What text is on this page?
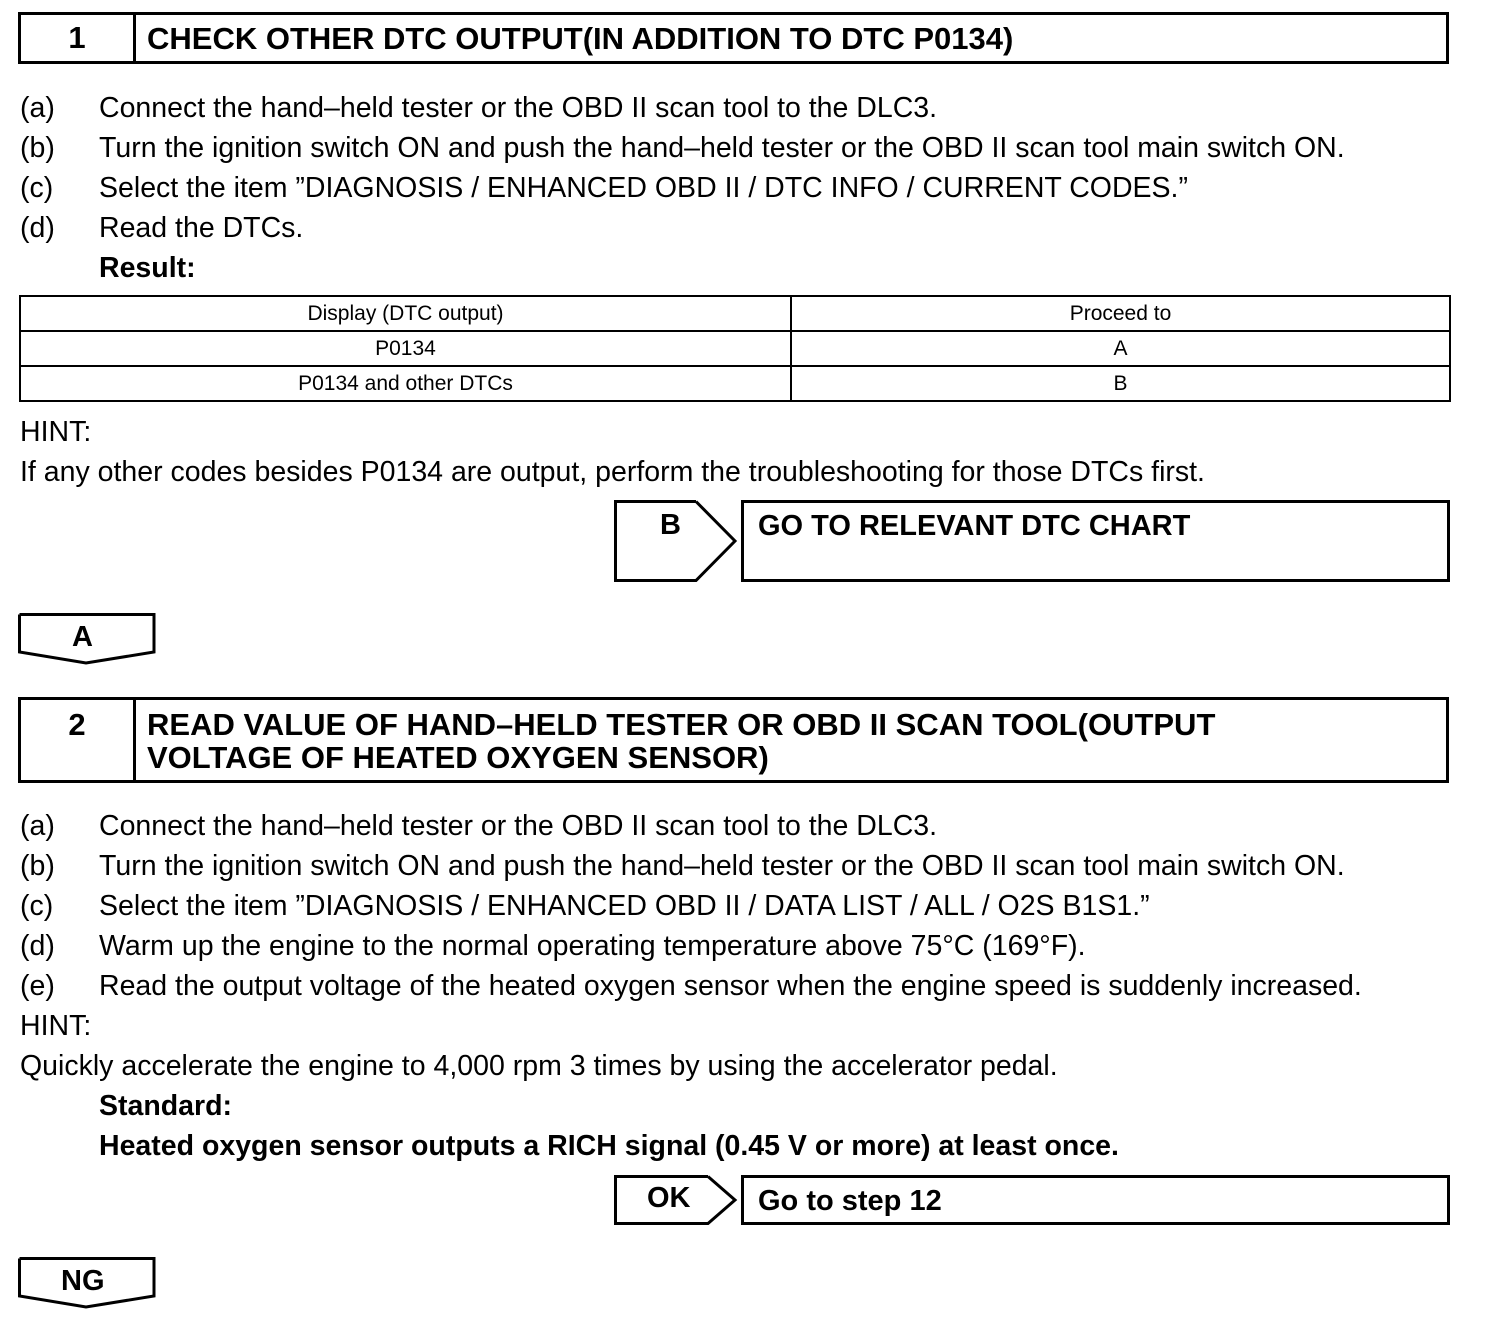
1	CHECK OTHER DTC OUTPUT(IN ADDITION TO DTC P0134)
(a)	Connect the hand–held tester or the OBD II scan tool to the DLC3.
(b)	Turn the ignition switch ON and push the hand–held tester or the OBD II scan tool main switch ON.
(c)	Select the item ”DIAGNOSIS / ENHANCED OBD II / DTC INFO / CURRENT CODES.”
(d)	Read the DTCs.
Result:
Display (DTC output)	Proceed to
P0134	A
P0134 and other DTCs	B
HINT:
If any other codes besides P0134 are output, perform the troubleshooting for those DTCs first.
B	GO TO RELEVANT DTC CHART
A
2	READ VALUE OF HAND–HELD TESTER OR OBD II SCAN TOOL(OUTPUT
VOLTAGE OF HEATED OXYGEN SENSOR)
(a)	Connect the hand–held tester or the OBD II scan tool to the DLC3.
(b)	Turn the ignition switch ON and push the hand–held tester or the OBD II scan tool main switch ON.
(c)	Select the item ”DIAGNOSIS / ENHANCED OBD II / DATA LIST / ALL / O2S B1S1.”
(d)	Warm up the engine to the normal operating temperature above 75°C (169°F).
(e)	Read the output voltage of the heated oxygen sensor when the engine speed is suddenly increased.
HINT:
Quickly accelerate the engine to 4,000 rpm 3 times by using the accelerator pedal.
Standard:
Heated oxygen sensor outputs a RICH signal (0.45 V or more) at least once.
OK Go to step 12
NG
